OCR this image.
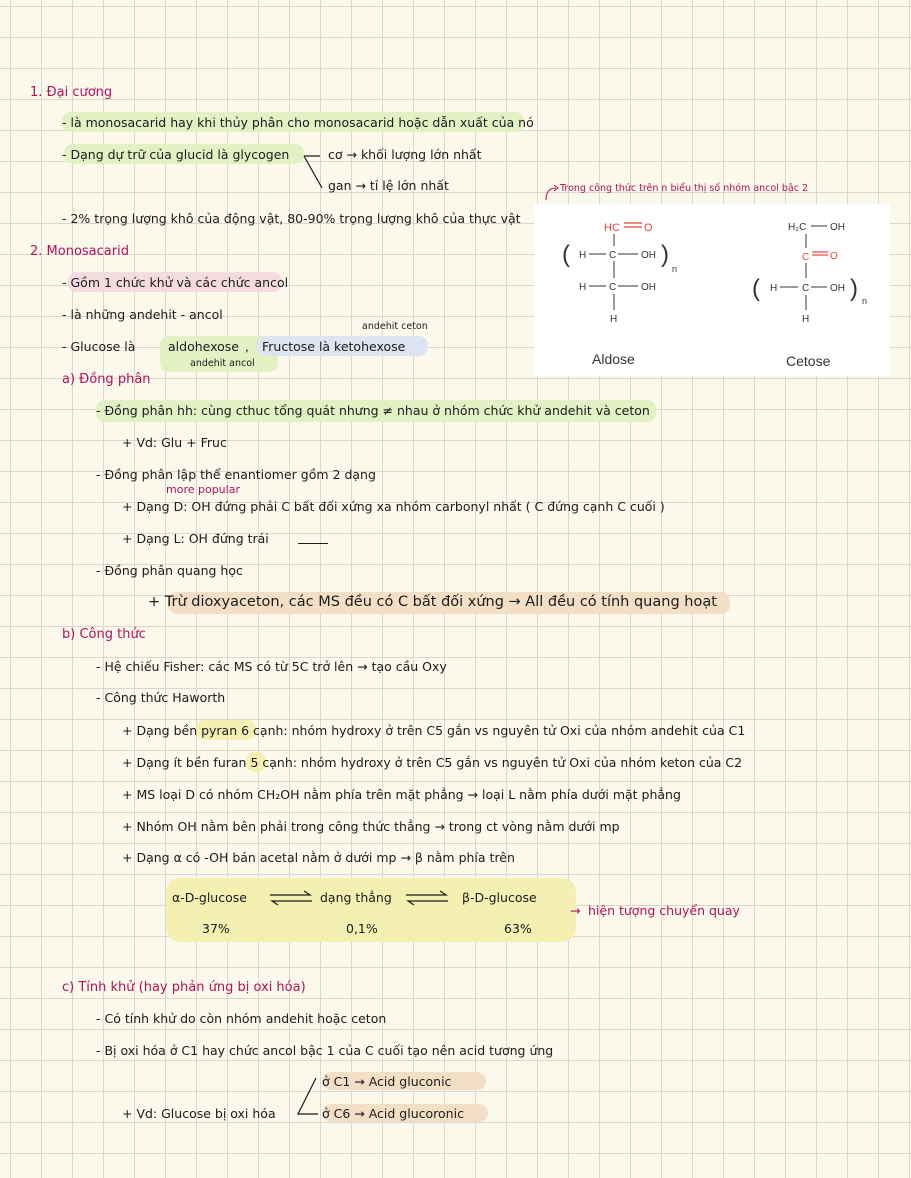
1. Đại cương
- là monosacarid hay khi thủy phân cho monosacarid hoặc dẫn xuất của nó
- Dạng dự trữ của glucid là glycogen	cơ → khối lượng lớn nhất
gan → tỉ lệ lớn nhất
- 2% trọng lượng khô của động vật, 80-90% trọng lượng khô của thực vật
Trong công thức trên n biểu thị số nhóm ancol bậc 2
HC O
( H C OH )
n
H C OH
H
Aldose
H₂C OH
C O
( H C OH ) n
H
Cetose
2. Monosacarid
- Gồm 1 chức khử và các chức ancol
- là những andehit - ancol
andehit ceton
- Glucose là	aldohexose , Fructose là ketohexose
andehit ancol
a) Đồng phân
- Đồng phân hh: cùng cthuc tổng quát nhưng ≠ nhau ở nhóm chức khử andehit và ceton
+ Vd: Glu + Fruc
- Đồng phân lập thể enantiomer gồm 2 dạng
more popular
+ Dạng D: OH đứng phải C bất đối xứng xa nhóm carbonyl nhất ( C đứng cạnh C cuối )
+ Dạng L: OH đứng trái
- Đồng phân quang học
+ Trừ dioxyaceton, các MS đều có C bất đối xứng → All đều có tính quang hoạt
b) Công thức
- Hệ chiếu Fisher: các MS có từ 5C trở lên → tạo cầu Oxy
- Công thức Haworth
+ Dạng bền pyran 6 cạnh: nhóm hydroxy ở trên C5 gắn vs nguyên tử Oxi của nhóm andehit của C1
+ Dạng ít bền furan 5 cạnh: nhóm hydroxy ở trên C5 gắn vs nguyên tử Oxi của nhóm keton của C2
+ MS loại D có nhóm CH₂OH nằm phía trên mặt phẳng → loại L nằm phía dưới mặt phẳng
+ Nhóm OH nằm bên phải trong công thức thẳng → trong ct vòng nằm dưới mp
+ Dạng α có -OH bán acetal nằm ở dưới mp → β nằm phía trên
α-D-glucose ⇌ dạng thẳng ⇌ β-D-glucose
37%	0,1%	63%
→ hiện tượng chuyển quay
c) Tính khử (hay phản ứng bị oxi hóa)
- Có tính khử do còn nhóm andehit hoặc ceton
- Bị oxi hóa ở C1 hay chức ancol bậc 1 của C cuối tạo nên acid tương ứng
+ Vd: Glucose bị oxi hóa
ở C1 → Acid gluconic
ở C6 → Acid glucoronic
